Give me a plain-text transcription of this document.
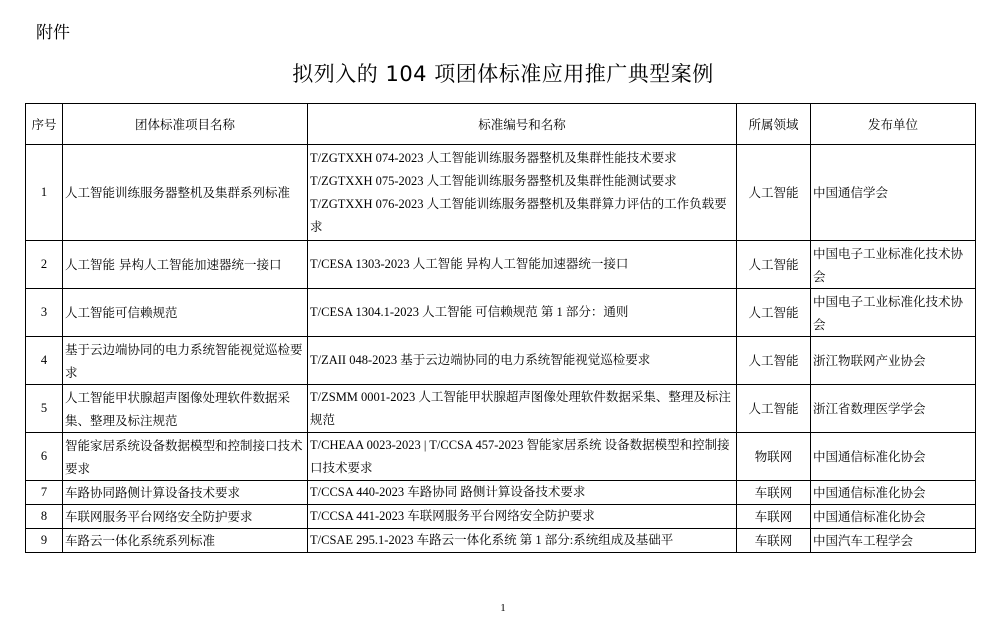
附件
拟列入的 104 项团体标准应用推广典型案例
序号	团体标准项目名称	标准编号和名称	所属领域	发布单位
1	人工智能训练服务器整机及集群系列标准	T/ZGTXXH 074-2023 人工智能训练服务器整机及集群性能技术要求
T/ZGTXXH 075-2023 人工智能训练服务器整机及集群性能测试要求
T/ZGTXXH 076-2023 人工智能训练服务器整机及集群算力评估的工作负载要求	人工智能	中国通信学会
2	人工智能 异构人工智能加速器统一接口	T/CESA 1303-2023 人工智能 异构人工智能加速器统一接口	人工智能	中国电子工业标准化技术协会
3	人工智能可信赖规范	T/CESA 1304.1-2023 人工智能 可信赖规范 第 1 部分：通则	人工智能	中国电子工业标准化技术协会
4	基于云边端协同的电力系统智能视觉巡检要求	T/ZAII 048-2023 基于云边端协同的电力系统智能视觉巡检要求	人工智能	浙江物联网产业协会
5	人工智能甲状腺超声图像处理软件数据采集、整理及标注规范	T/ZSMM 0001-2023 人工智能甲状腺超声图像处理软件数据采集、整理及标注规范	人工智能	浙江省数理医学学会
6	智能家居系统设备数据模型和控制接口技术要求	T/CHEAA 0023-2023 | T/CCSA 457-2023 智能家居系统 设备数据模型和控制接口技术要求	物联网	中国通信标准化协会
7	车路协同路侧计算设备技术要求	T/CCSA 440-2023 车路协同 路侧计算设备技术要求	车联网	中国通信标准化协会
8	车联网服务平台网络安全防护要求	T/CCSA 441-2023 车联网服务平台网络安全防护要求	车联网	中国通信标准化协会
9	车路云一体化系统系列标准	T/CSAE 295.1-2023 车路云一体化系统 第 1 部分:系统组成及基础平	车联网	中国汽车工程学会
1
